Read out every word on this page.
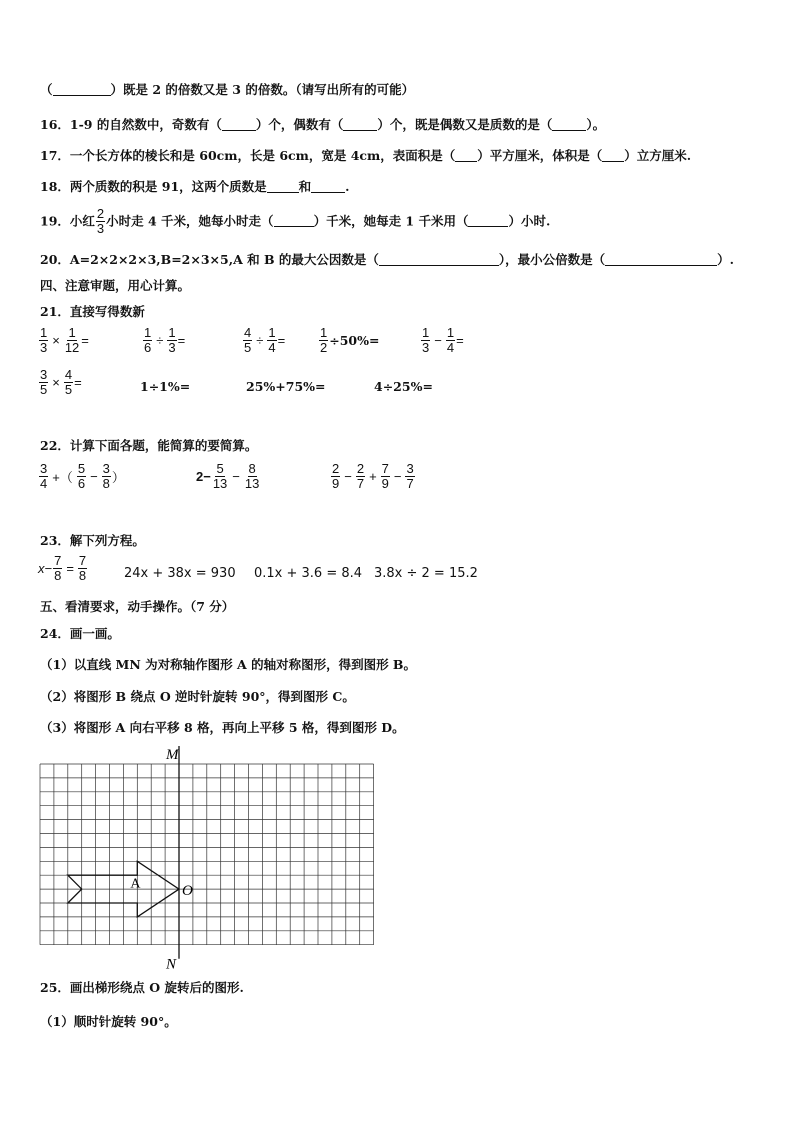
（	）既是 2 的倍数又是 3 的倍数。（请写出所有的可能）
16．1-9 的自然数中，奇数有（	）个，偶数有（	）个，既是偶数又是质数的是（	）。
17．一个长方体的棱长和是 60cm，长是 6cm，宽是 4cm，表面积是（ ）平方厘米，体积是（ ）立方厘米.
18．两个质数的积是 91，这两个质数是	和	.
19．小红 $\frac{2}{3}$ 小时走 4 千米，她每小时走（	）千米，她每走 1 千米用（	）小时.
20．A=2×2×2×3,B=2×3×5,A 和 B 的最大公因数是（	），最小公倍数是（	）.
四、注意审题，用心计算。
21．直接写得数新
$\frac{1}{3} \times \frac{1}{12}$ =	$\frac{1}{6} \div \frac{1}{3}$ =	$\frac{4}{5} \div \frac{1}{4}$ =	$\frac{1}{2} \div 50\%=$	$\frac{1}{3} - \frac{1}{4}$ =
$\frac{3}{5} \times \frac{4}{5}$ =	1÷1%=	25%+75%=	4÷25%=
22．计算下面各题，能简算的要简算。
$\frac{3}{4}$ +（ $\frac{5}{6} - \frac{3}{8}$ ）	$2- \frac{5}{13} - \frac{8}{13}$	$\frac{2}{9} - \frac{2}{7} + \frac{7}{9} - \frac{3}{7}$
23．解下列方程。
$x- \frac{7}{8} = \frac{7}{8}$	24x + 38x = 930 0.1x + 3.6 = 8.4 3.8x ÷ 2 = 15.2
五、看清要求，动手操作。（7 分）
24．画一画。
（1）以直线 MN 为对称轴作图形 A 的轴对称图形，得到图形 B。
（2）将图形 B 绕点 O 逆时针旋转 90°，得到图形 C。
（3）将图形 A 向右平移 8 格，再向上平移 5 格，得到图形 D。
M
N
O
A
25．画出梯形绕点 O 旋转后的图形.
（1）顺时针旋转 90°。
